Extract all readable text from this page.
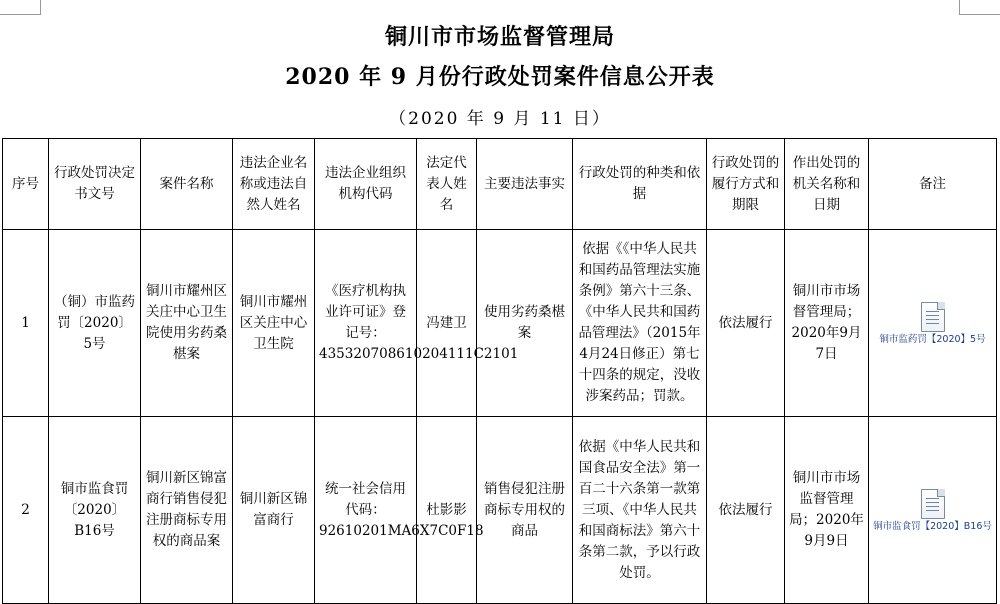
铜川市市场监督管理局
2020 年 9 月份行政处罚案件信息公开表
（2020 年 9 月 11 日）
序号	行政处罚决定书文号	案件名称	违法企业名称或违法自然人姓名	违法企业组织机构代码	法定代表人姓名	主要违法事实	行政处罚的种类和依据	行政处罚的履行方式和期限	作出处罚的机关名称和日期	备注
1	（铜）市监药罚〔2020〕5号	铜川市耀州区关庄中心卫生院使用劣药桑椹案	铜川市耀州区关庄中心卫生院	《医疗机构执业许可证》登记号：435320708610204111C2101	冯建卫	使用劣药桑椹案	依据《《中华人民共和国药品管理法实施条例》第六十三条、《中华人民共和国药品管理法》（2015年4月24日修正）第七十四条的规定，没收涉案药品；罚款。	依法履行	铜川市市场督管理局；2020年9月7日	铜市监药罚【2020】5号

2	铜市监食罚〔2020〕B16号	铜川新区锦富商行销售侵犯注册商标专用权的商品案	铜川新区锦富商行	统一社会信用代码：92610201MA6X7C0F18	杜影影	销售侵犯注册商标专用权的商品	依据《中华人民共和国食品安全法》第一百二十六条第一款第三项、《中华人民共和国商标法》第六十条第二款，予以行政处罚。	依法履行	铜川市市场监督管理局；2020年9月9日	铜市监食罚【2020】B16号
